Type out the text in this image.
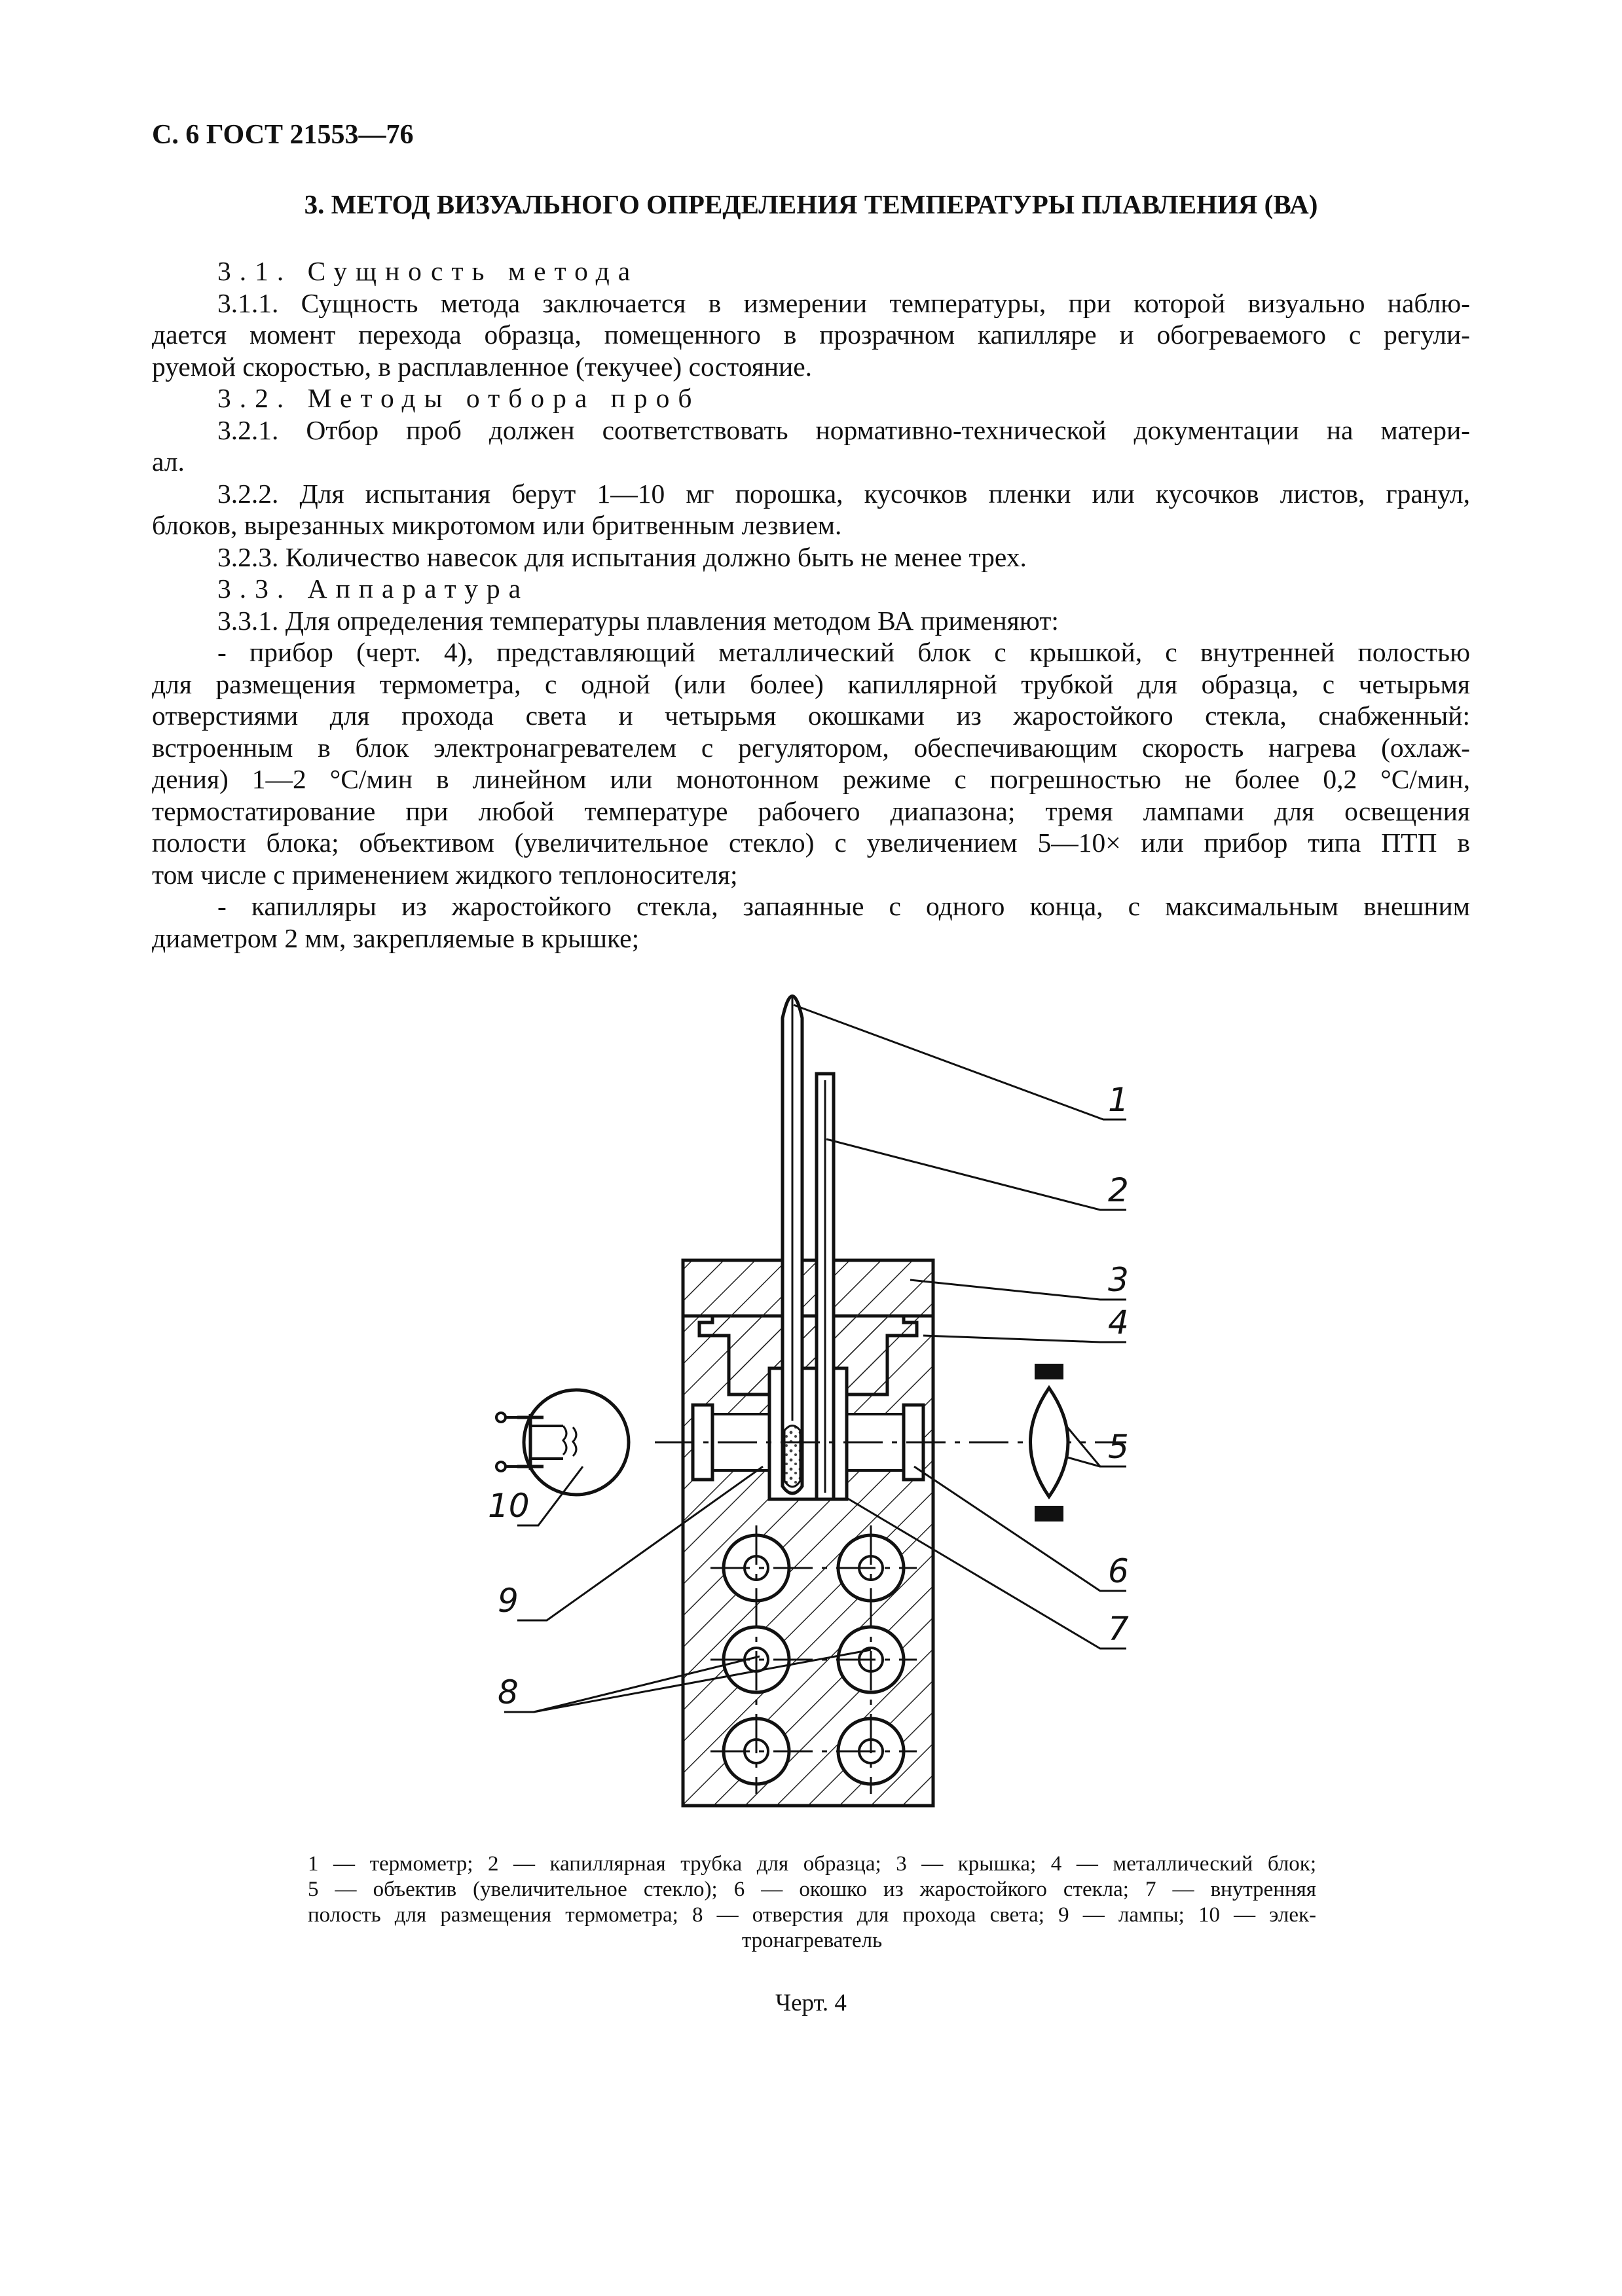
С. 6 ГОСТ 21553—76
3. МЕТОД ВИЗУАЛЬНОГО ОПРЕДЕЛЕНИЯ ТЕМПЕРАТУРЫ ПЛАВЛЕНИЯ (ВА)
3.1. Сущность метода
3.1.1. Сущность метода заключается в измерении температуры, при которой визуально наблю-
дается момент перехода образца, помещенного в прозрачном капилляре и обогреваемого с регули-
руемой скоростью, в расплавленное (текучее) состояние.
3.2. Методы отбора проб
3.2.1. Отбор проб должен соответствовать нормативно-технической документации на матери-
ал.
3.2.2. Для испытания берут 1—10 мг порошка, кусочков пленки или кусочков листов, гранул,
блоков, вырезанных микротомом или бритвенным лезвием.
3.2.3. Количество навесок для испытания должно быть не менее трех.
3.3. Аппаратура
3.3.1. Для определения температуры плавления методом ВА применяют:
- прибор (черт. 4), представляющий металлический блок с крышкой, с внутренней полостью
для размещения термометра, с одной (или более) капиллярной трубкой для образца, с четырьмя
отверстиями для прохода света и четырьмя окошками из жаростойкого стекла, снабженный:
встроенным в блок электронагревателем с регулятором, обеспечивающим скорость нагрева (охлаж-
дения) 1—2 °С/мин в линейном или монотонном режиме с погрешностью не более 0,2 °С/мин,
термостатирование при любой температуре рабочего диапазона; тремя лампами для освещения
полости блока; объективом (увеличительное стекло) с увеличением 5—10× или прибор типа ПТП в
том числе с применением жидкого теплоносителя;
- капилляры из жаростойкого стекла, запаянные с одного конца, с максимальным внешним
диаметром 2 мм, закрепляемые в крышке;
1
2
3
4
5
6
7
8
9
10
1 — термометр; 2 — капиллярная трубка для образца; 3 — крышка; 4 — металлический блок;
5 — объектив (увеличительное стекло); 6 — окошко из жаростойкого стекла; 7 — внутренняя
полость для размещения термометра; 8 — отверстия для прохода света; 9 — лампы; 10 — элек-
тронагреватель
Черт. 4
